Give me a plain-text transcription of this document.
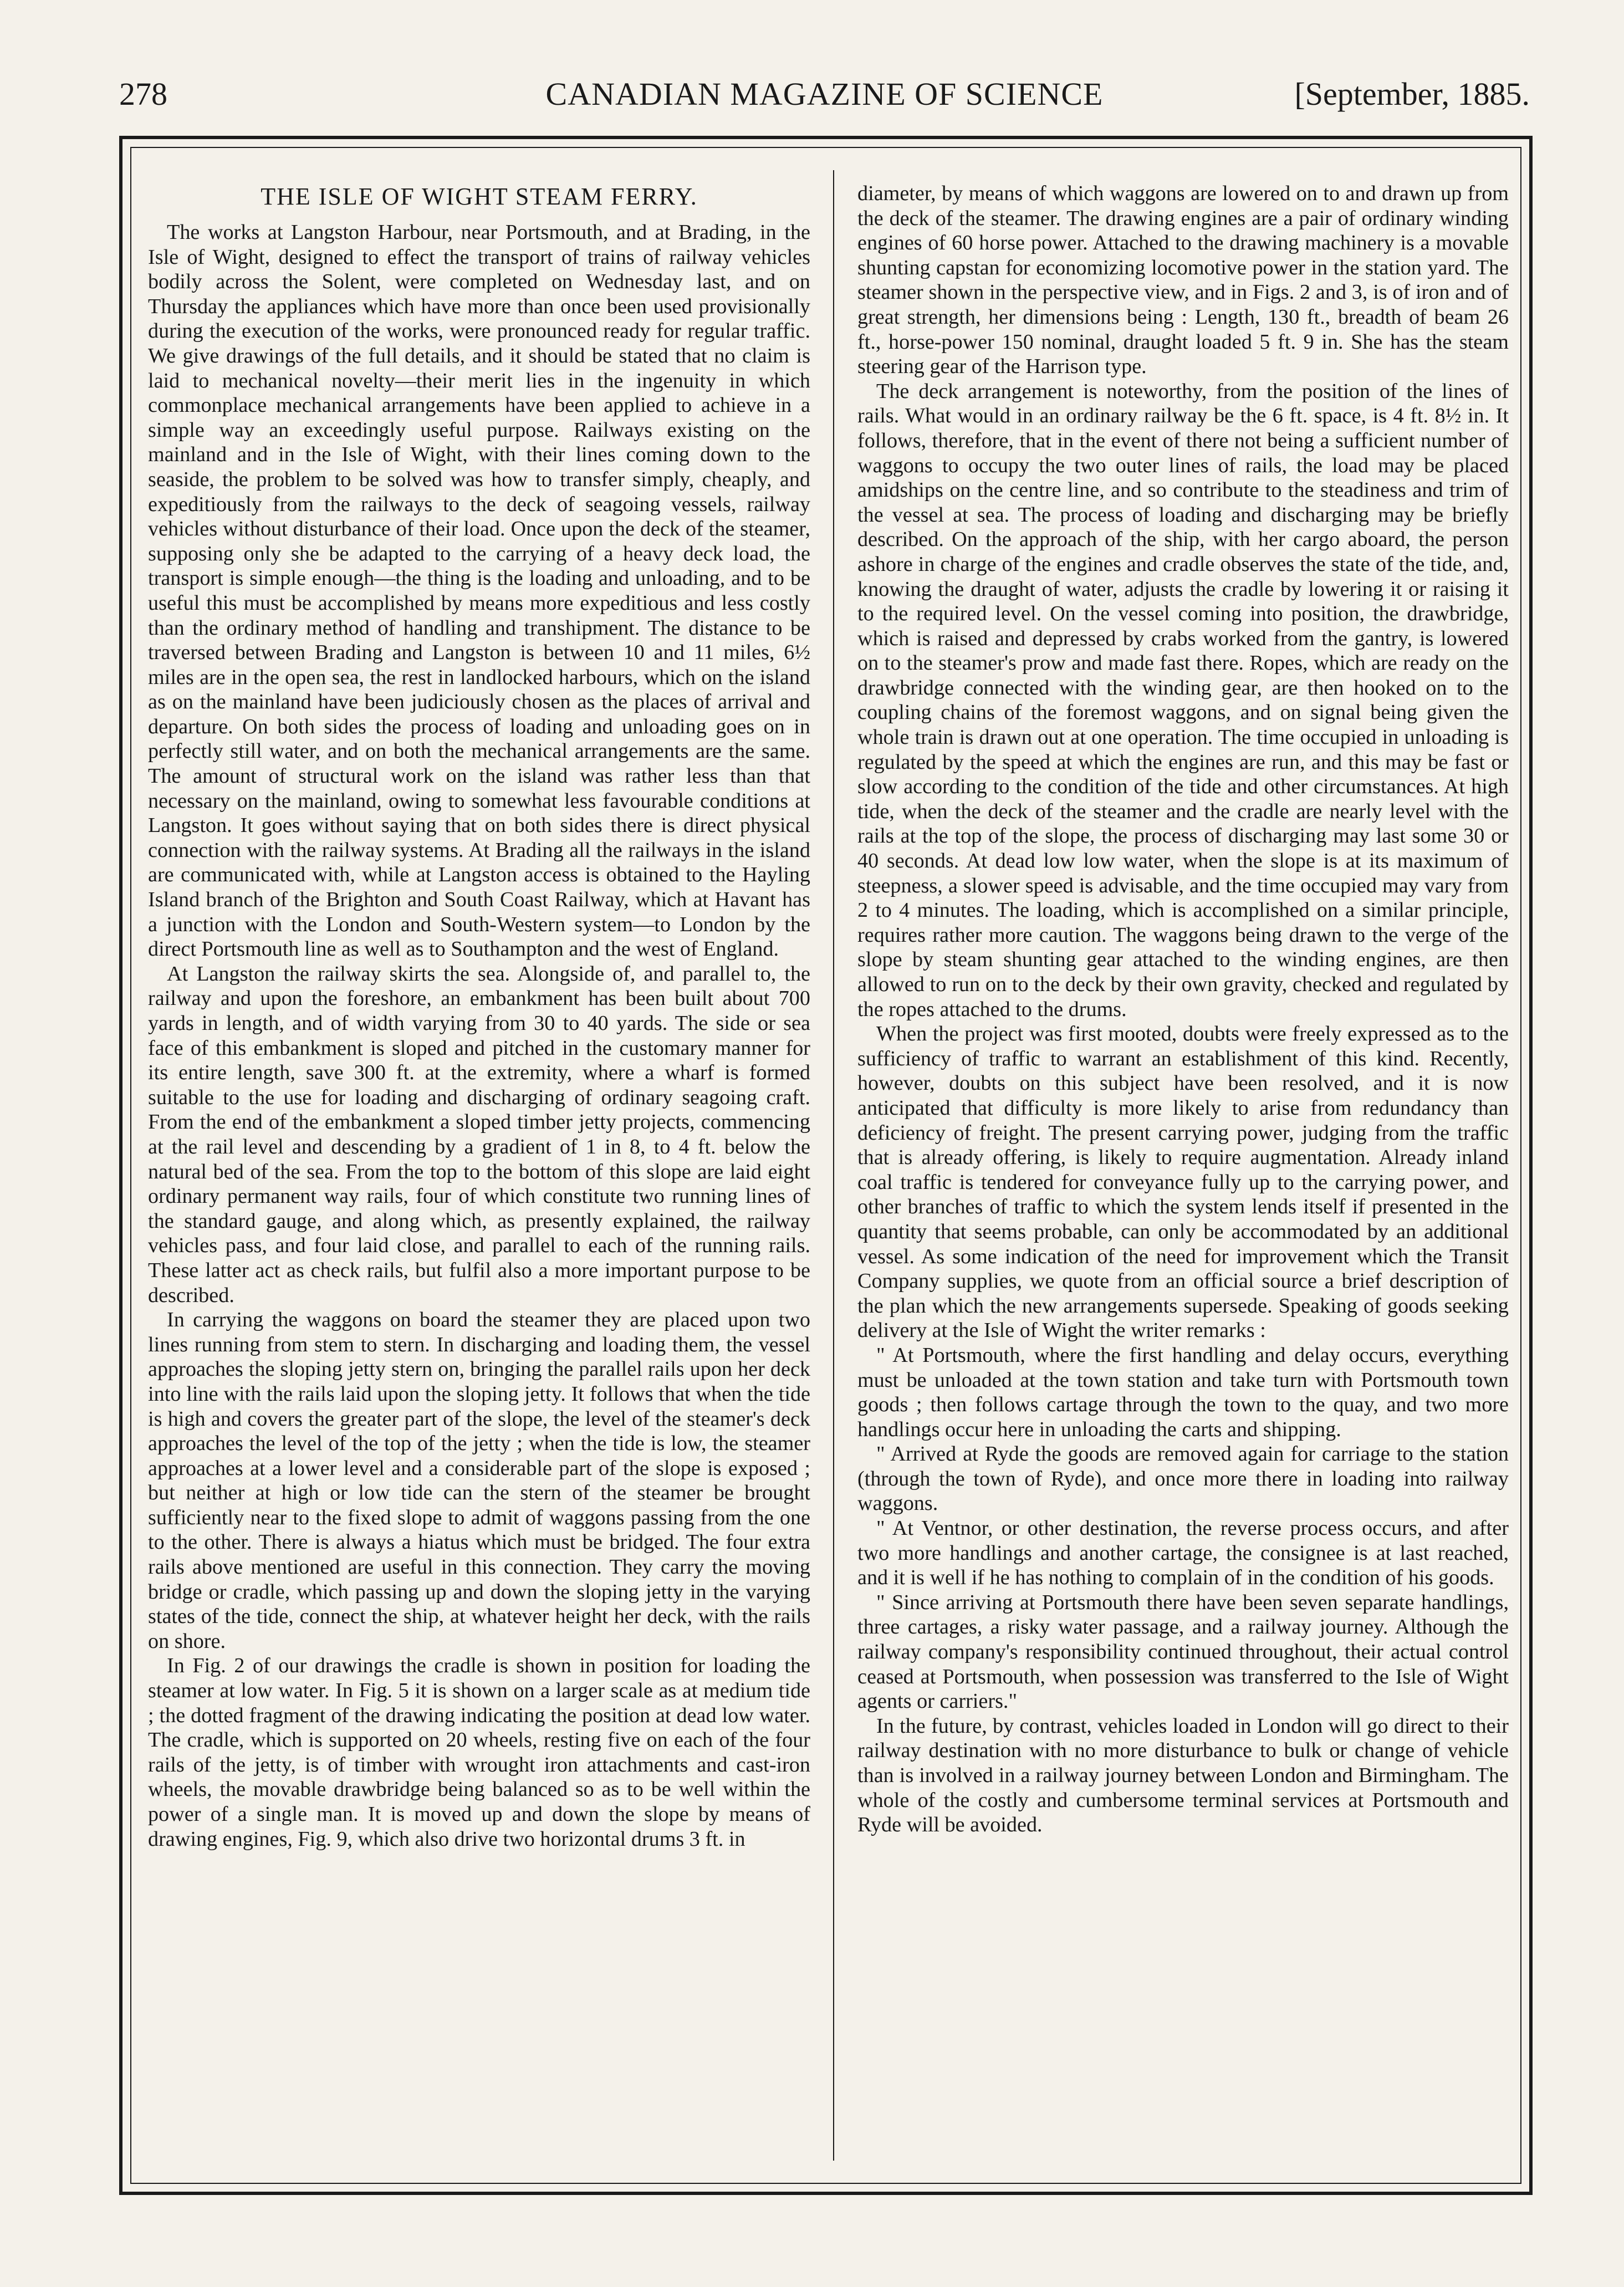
278	CANADIAN MAGAZINE OF SCIENCE	[September, 1885.
THE ISLE OF WIGHT STEAM FERRY.

The works at Langston Harbour, near Portsmouth, and at Brading, in the Isle of Wight, designed to effect the transport of trains of railway vehicles bodily across the Solent, were completed on Wednesday last, and on Thursday the appliances which have more than once been used provisionally during the execution of the works, were pronounced ready for regular traffic. We give drawings of the full details, and it should be stated that no claim is laid to mechanical novelty—their merit lies in the ingenuity in which commonplace mechanical arrangements have been applied to achieve in a simple way an exceedingly useful purpose. Railways existing on the mainland and in the Isle of Wight, with their lines coming down to the seaside, the problem to be solved was how to transfer simply, cheaply, and expeditiously from the railways to the deck of seagoing vessels, railway vehicles without disturbance of their load. Once upon the deck of the steamer, supposing only she be adapted to the carrying of a heavy deck load, the transport is simple enough—the thing is the loading and unloading, and to be useful this must be accomplished by means more expeditious and less costly than the ordinary method of handling and transhipment. The distance to be traversed between Brading and Langston is between 10 and 11 miles, 6½ miles are in the open sea, the rest in landlocked harbours, which on the island as on the mainland have been judiciously chosen as the places of arrival and departure. On both sides the process of loading and unloading goes on in perfectly still water, and on both the mechanical arrangements are the same. The amount of structural work on the island was rather less than that necessary on the mainland, owing to somewhat less favourable conditions at Langston. It goes without saying that on both sides there is direct physical connection with the railway systems. At Brading all the railways in the island are communicated with, while at Langston access is obtained to the Hayling Island branch of the Brighton and South Coast Railway, which at Havant has a junction with the London and South-Western system—to London by the direct Portsmouth line as well as to Southampton and the west of England.

At Langston the railway skirts the sea. Alongside of, and parallel to, the railway and upon the foreshore, an embankment has been built about 700 yards in length, and of width varying from 30 to 40 yards. The side or sea face of this embankment is sloped and pitched in the customary manner for its entire length, save 300 ft. at the extremity, where a wharf is formed suitable to the use for loading and discharging of ordinary seagoing craft. From the end of the embankment a sloped timber jetty projects, commencing at the rail level and descending by a gradient of 1 in 8, to 4 ft. below the natural bed of the sea. From the top to the bottom of this slope are laid eight ordinary permanent way rails, four of which constitute two running lines of the standard gauge, and along which, as presently explained, the railway vehicles pass, and four laid close, and parallel to each of the running rails. These latter act as check rails, but fulfil also a more important purpose to be described.

In carrying the waggons on board the steamer they are placed upon two lines running from stem to stern. In discharging and loading them, the vessel approaches the sloping jetty stern on, bringing the parallel rails upon her deck into line with the rails laid upon the sloping jetty. It follows that when the tide is high and covers the greater part of the slope, the level of the steamer's deck approaches the level of the top of the jetty ; when the tide is low, the steamer approaches at a lower level and a considerable part of the slope is exposed ; but neither at high or low tide can the stern of the steamer be brought sufficiently near to the fixed slope to admit of waggons passing from the one to the other. There is always a hiatus which must be bridged. The four extra rails above mentioned are useful in this connection. They carry the moving bridge or cradle, which passing up and down the sloping jetty in the varying states of the tide, connect the ship, at whatever height her deck, with the rails on shore.

In Fig. 2 of our drawings the cradle is shown in position for loading the steamer at low water. In Fig. 5 it is shown on a larger scale as at medium tide ; the dotted fragment of the drawing indicating the position at dead low water. The cradle, which is supported on 20 wheels, resting five on each of the four rails of the jetty, is of timber with wrought iron attachments and cast-iron wheels, the movable drawbridge being balanced so as to be well within the power of a single man. It is moved up and down the slope by means of drawing engines, Fig. 9, which also drive two horizontal drums 3 ft. in

diameter, by means of which waggons are lowered on to and drawn up from the deck of the steamer. The drawing engines are a pair of ordinary winding engines of 60 horse power. Attached to the drawing machinery is a movable shunting capstan for economizing locomotive power in the station yard. The steamer shown in the perspective view, and in Figs. 2 and 3, is of iron and of great strength, her dimensions being : Length, 130 ft., breadth of beam 26 ft., horse-power 150 nominal, draught loaded 5 ft. 9 in. She has the steam steering gear of the Harrison type.

The deck arrangement is noteworthy, from the position of the lines of rails. What would in an ordinary railway be the 6 ft. space, is 4 ft. 8½ in. It follows, therefore, that in the event of there not being a sufficient number of waggons to occupy the two outer lines of rails, the load may be placed amidships on the centre line, and so contribute to the steadiness and trim of the vessel at sea. The process of loading and discharging may be briefly described. On the approach of the ship, with her cargo aboard, the person ashore in charge of the engines and cradle observes the state of the tide, and, knowing the draught of water, adjusts the cradle by lowering it or raising it to the required level. On the vessel coming into position, the drawbridge, which is raised and depressed by crabs worked from the gantry, is lowered on to the steamer's prow and made fast there. Ropes, which are ready on the drawbridge connected with the winding gear, are then hooked on to the coupling chains of the foremost waggons, and on signal being given the whole train is drawn out at one operation. The time occupied in unloading is regulated by the speed at which the engines are run, and this may be fast or slow according to the condition of the tide and other circumstances. At high tide, when the deck of the steamer and the cradle are nearly level with the rails at the top of the slope, the process of discharging may last some 30 or 40 seconds. At dead low low water, when the slope is at its maximum of steepness, a slower speed is advisable, and the time occupied may vary from 2 to 4 minutes. The loading, which is accomplished on a similar principle, requires rather more caution. The waggons being drawn to the verge of the slope by steam shunting gear attached to the winding engines, are then allowed to run on to the deck by their own gravity, checked and regulated by the ropes attached to the drums.

When the project was first mooted, doubts were freely expressed as to the sufficiency of traffic to warrant an establishment of this kind. Recently, however, doubts on this subject have been resolved, and it is now anticipated that difficulty is more likely to arise from redundancy than deficiency of freight. The present carrying power, judging from the traffic that is already offering, is likely to require augmentation. Already inland coal traffic is tendered for conveyance fully up to the carrying power, and other branches of traffic to which the system lends itself if presented in the quantity that seems probable, can only be accommodated by an additional vessel. As some indication of the need for improvement which the Transit Company supplies, we quote from an official source a brief description of the plan which the new arrangements supersede. Speaking of goods seeking delivery at the Isle of Wight the writer remarks :

" At Portsmouth, where the first handling and delay occurs, everything must be unloaded at the town station and take turn with Portsmouth town goods ; then follows cartage through the town to the quay, and two more handlings occur here in unloading the carts and shipping.

" Arrived at Ryde the goods are removed again for carriage to the station (through the town of Ryde), and once more there in loading into railway waggons.

" At Ventnor, or other destination, the reverse process occurs, and after two more handlings and another cartage, the consignee is at last reached, and it is well if he has nothing to complain of in the condition of his goods.

" Since arriving at Portsmouth there have been seven separate handlings, three cartages, a risky water passage, and a railway journey. Although the railway company's responsibility continued throughout, their actual control ceased at Portsmouth, when possession was transferred to the Isle of Wight agents or carriers."

In the future, by contrast, vehicles loaded in London will go direct to their railway destination with no more disturbance to bulk or change of vehicle than is involved in a railway journey between London and Birmingham. The whole of the costly and cumbersome terminal services at Portsmouth and Ryde will be avoided.
